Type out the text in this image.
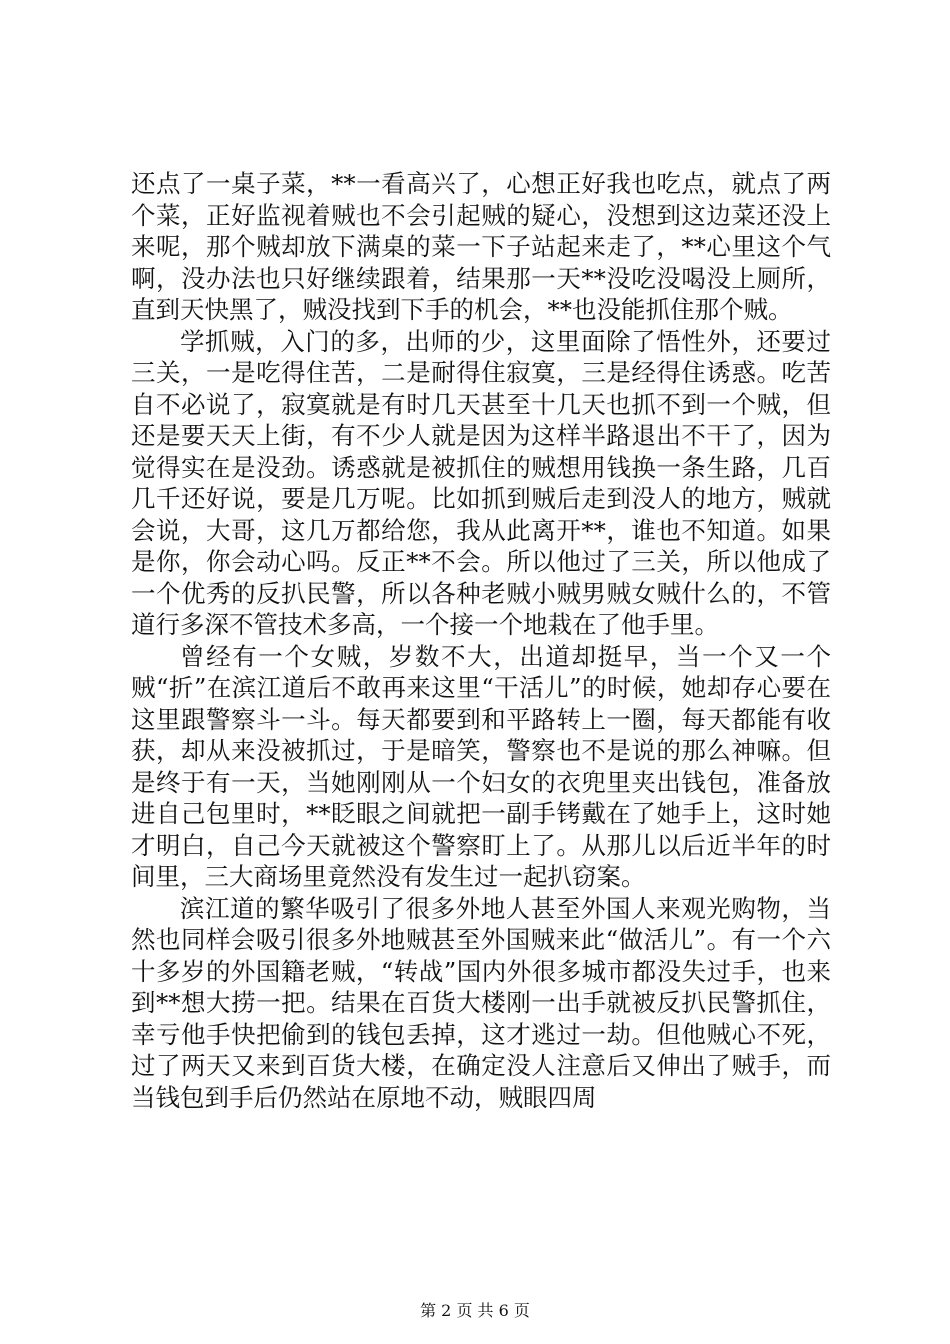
还点了一桌子菜，**一看高兴了，心想正好我也吃点，就点了两个菜，正好监视着贼也不会引起贼的疑心，没想到这边菜还没上来呢，那个贼却放下满桌的菜一下子站起来走了，**心里这个气啊，没办法也只好继续跟着，结果那一天**没吃没喝没上厕所，直到天快黑了，贼没找到下手的机会，**也没能抓住那个贼。

学抓贼，入门的多，出师的少，这里面除了悟性外，还要过三关，一是吃得住苦，二是耐得住寂寞，三是经得住诱惑。吃苦自不必说了，寂寞就是有时几天甚至十几天也抓不到一个贼，但还是要天天上街，有不少人就是因为这样半路退出不干了，因为觉得实在是没劲。诱惑就是被抓住的贼想用钱换一条生路，几百几千还好说，要是几万呢。比如抓到贼后走到没人的地方，贼就会说，大哥，这几万都给您，我从此离开**，谁也不知道。如果是你，你会动心吗。反正**不会。所以他过了三关，所以他成了一个优秀的反扒民警，所以各种老贼小贼男贼女贼什么的，不管道行多深不管技术多高，一个接一个地栽在了他手里。

曾经有一个女贼，岁数不大，出道却挺早，当一个又一个贼“折”在滨江道后不敢再来这里“干活儿”的时候，她却存心要在这里跟警察斗一斗。每天都要到和平路转上一圈，每天都能有收获，却从来没被抓过，于是暗笑，警察也不是说的那么神嘛。但是终于有一天，当她刚刚从一个妇女的衣兜里夹出钱包，准备放进自己包里时，**眨眼之间就把一副手铐戴在了她手上，这时她才明白，自己今天就被这个警察盯上了。从那儿以后近半年的时间里，三大商场里竟然没有发生过一起扒窃案。

滨江道的繁华吸引了很多外地人甚至外国人来观光购物，当然也同样会吸引很多外地贼甚至外国贼来此“做活儿”。有一个六十多岁的外国籍老贼，“转战”国内外很多城市都没失过手，也来到**想大捞一把。结果在百货大楼刚一出手就被反扒民警抓住，幸亏他手快把偷到的钱包丢掉，这才逃过一劫。但他贼心不死，过了两天又来到百货大楼，在确定没人注意后又伸出了贼手，而当钱包到手后仍然站在原地不动，贼眼四周

第 2 页 共 6 页
